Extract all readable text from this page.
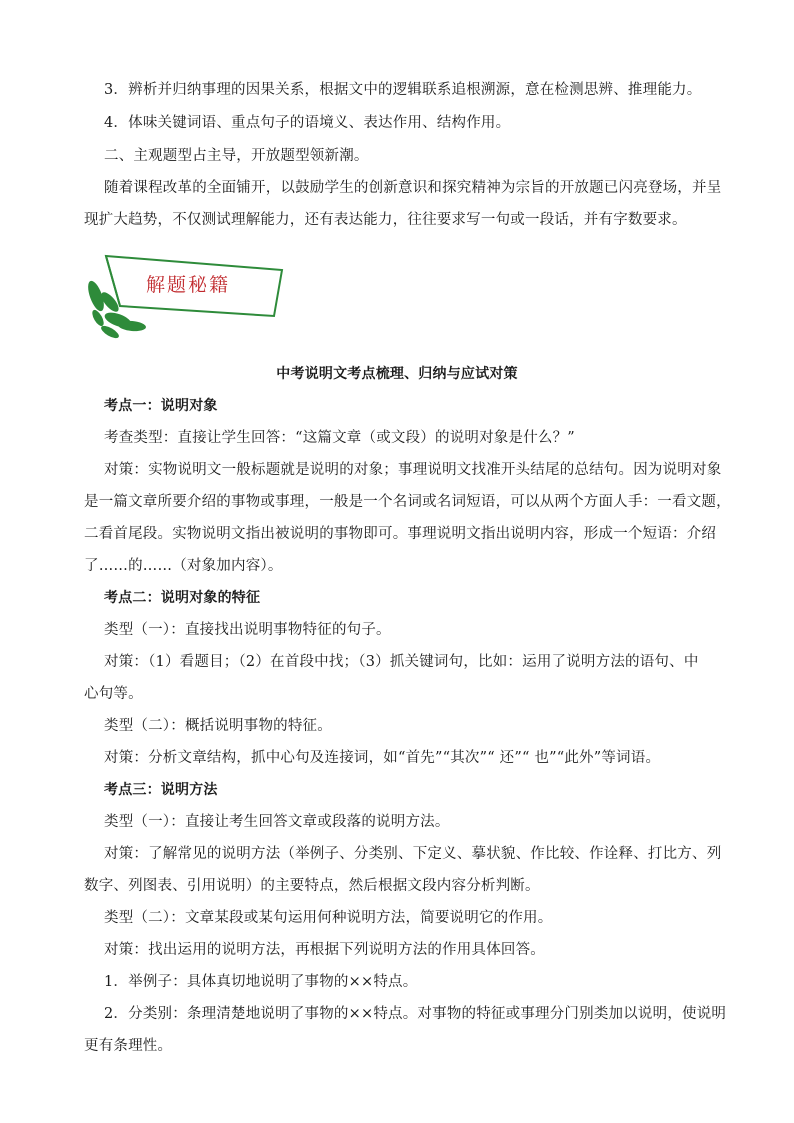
3．辨析并归纳事理的因果关系，根据文中的逻辑联系追根溯源，意在检测思辨、推理能力。
4．体味关键词语、重点句子的语境义、表达作用、结构作用。
二、主观题型占主导，开放题型领新潮。
随着课程改革的全面铺开，以鼓励学生的创新意识和探究精神为宗旨的开放题已闪亮登场，并呈
现扩大趋势，不仅测试理解能力，还有表达能力，往往要求写一句或一段话，并有字数要求。
解题秘籍
中考说明文考点梳理、归纳与应试对策
考点一：说明对象
考查类型：直接让学生回答：“这篇文章（或文段）的说明对象是什么？”
对策：实物说明文一般标题就是说明的对象；事理说明文找准开头结尾的总结句。因为说明对象
是一篇文章所要介绍的事物或事理，一般是一个名词或名词短语，可以从两个方面人手：一看文题，
二看首尾段。实物说明文指出被说明的事物即可。事理说明文指出说明内容，形成一个短语：介绍
了……的……（对象加内容）。
考点二：说明对象的特征
类型（一）：直接找出说明事物特征的句子。
对策：（1）看题目；（2）在首段中找；（3）抓关键词句，比如：运用了说明方法的语句、中
心句等。
类型（二）：概括说明事物的特征。
对策：分析文章结构，抓中心句及连接词，如“首先”“其次”“ 还”“ 也”“此外”等词语。
考点三：说明方法
类型（一）：直接让考生回答文章或段落的说明方法。
对策：了解常见的说明方法（举例子、分类别、下定义、摹状貌、作比较、作诠释、打比方、列
数字、列图表、引用说明）的主要特点，然后根据文段内容分析判断。
类型（二）：文章某段或某句运用何种说明方法，简要说明它的作用。
对策：找出运用的说明方法，再根据下列说明方法的作用具体回答。
1．举例子：具体真切地说明了事物的××特点。
2．分类别：条理清楚地说明了事物的××特点。对事物的特征或事理分门别类加以说明，使说明
更有条理性。
